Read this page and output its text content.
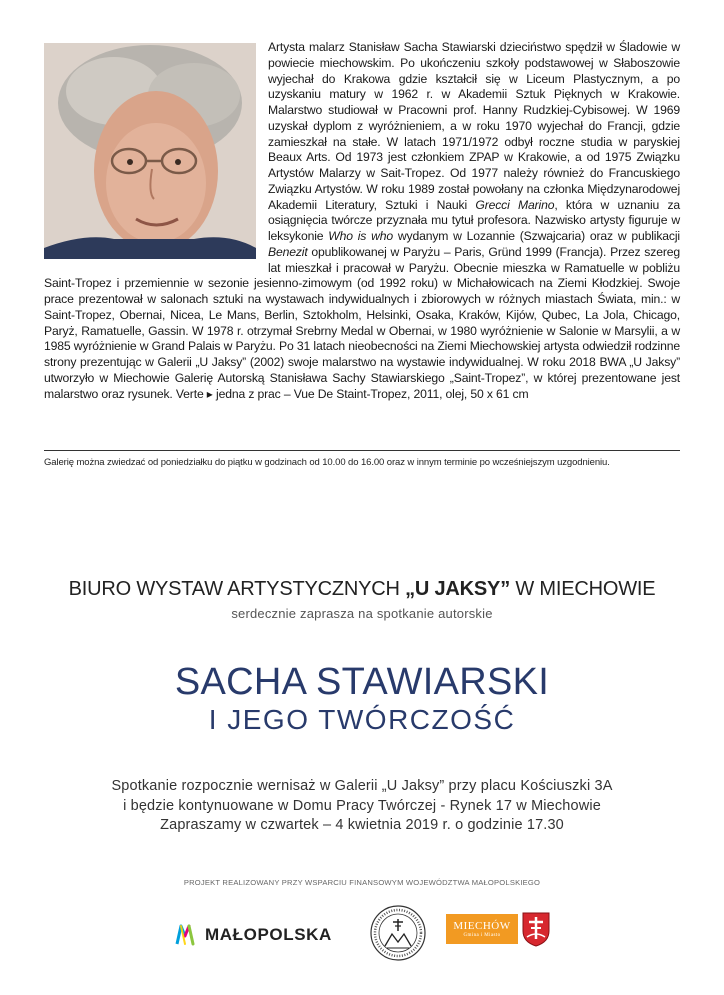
Artysta malarz Stanisław Sacha Stawiarski dzieciństwo spędził w Śladowie w powiecie miechowskim. Po ukończeniu szkoły podstawowej w Słaboszowie wyjechał do Krakowa gdzie kształcił się w Liceum Plastycznym, a po uzyskaniu matury w 1962 r. w Akademii Sztuk Pięknych w Krakowie. Malarstwo studiował w Pracowni prof. Hanny Rudzkiej-Cybisowej. W 1969 uzyskał dyplom z wyróżnieniem, a w roku 1970 wyjechał do Francji, gdzie zamieszkał na stałe. W latach 1971/1972 odbył roczne studia w paryskiej Beaux Arts. Od 1973 jest członkiem ZPAP w Krakowie, a od 1975 Związku Artystów Malarzy w Sait-Tropez. Od 1977 należy również do Francuskiego Związku Artystów. W roku 1989 został powołany na członka Międzynarodowej Akademii Literatury, Sztuki i Nauki Grecci Marino, która w uznaniu za osiągnięcia twórcze przyznała mu tytuł profesora. Nazwisko artysty figuruje w leksykonie Who is who wydanym w Lozannie (Szwajcaria) oraz w publikacji Benezit opublikowanej w Paryżu – Paris, Gründ 1999 (Francja). Przez szereg lat mieszkał i pracował w Paryżu. Obecnie mieszka w Ramatuelle w pobliżu Saint-Tropez i przemiennie w sezonie jesienno-zimowym (od 1992 roku) w Michałowicach na Ziemi Kłodzkiej. Swoje prace prezentował w salonach sztuki na wystawach indywidualnych i zbiorowych w różnych miastach Świata, min.: w Saint-Tropez, Obernai, Nicea, Le Mans, Berlin, Sztokholm, Helsinki, Osaka, Kraków, Kijów, Qubec, La Jola, Chicago, Paryż, Ramatuelle, Gassin. W 1978 r. otrzymał Srebrny Medal w Obernai, w 1980 wyróżnienie w Salonie w Marsylii, a w 1985 wyróżnienie w Grand Palais w Paryżu. Po 31 latach nieobecności na Ziemi Miechowskiej artysta odwiedził rodzinne strony prezentując w Galerii „U Jaksy” (2002) swoje malarstwo na wystawie indywidualnej. W roku 2018 BWA „U Jaksy” utworzyło w Miechowie Galerię Autorską Stanisława Sachy Stawiarskiego „Saint-Tropez”, w której prezentowane jest malarstwo oraz rysunek. Verte ▸ jedna z prac – Vue De Staint-Tropez, 2011, olej, 50 x 61 cm

Galerię można zwiedzać od poniedziałku do piątku w godzinach od 10.00 do 16.00 oraz w innym terminie po wcześniejszym uzgodnieniu.
BIURO WYSTAW ARTYSTYCZNYCH „U JAKSY” W MIECHOWIE
serdecznie zaprasza na spotkanie autorskie
SACHA STAWIARSKI
I JEGO TWÓRCZOŚĆ
Spotkanie rozpocznie wernisaż w Galerii „U Jaksy” przy placu Kościuszki 3A
i będzie kontynuowane w Domu Pracy Twórczej - Rynek 17 w Miechowie
Zapraszamy w czwartek – 4 kwietnia 2019 r. o godzinie 17.30
PROJEKT REALIZOWANY PRZY WSPARCIU FINANSOWYM WOJEWÓDZTWA MAŁOPOLSKIEGO
MAŁOPOLSKA	MIECHÓW
Gmina i Miasto
